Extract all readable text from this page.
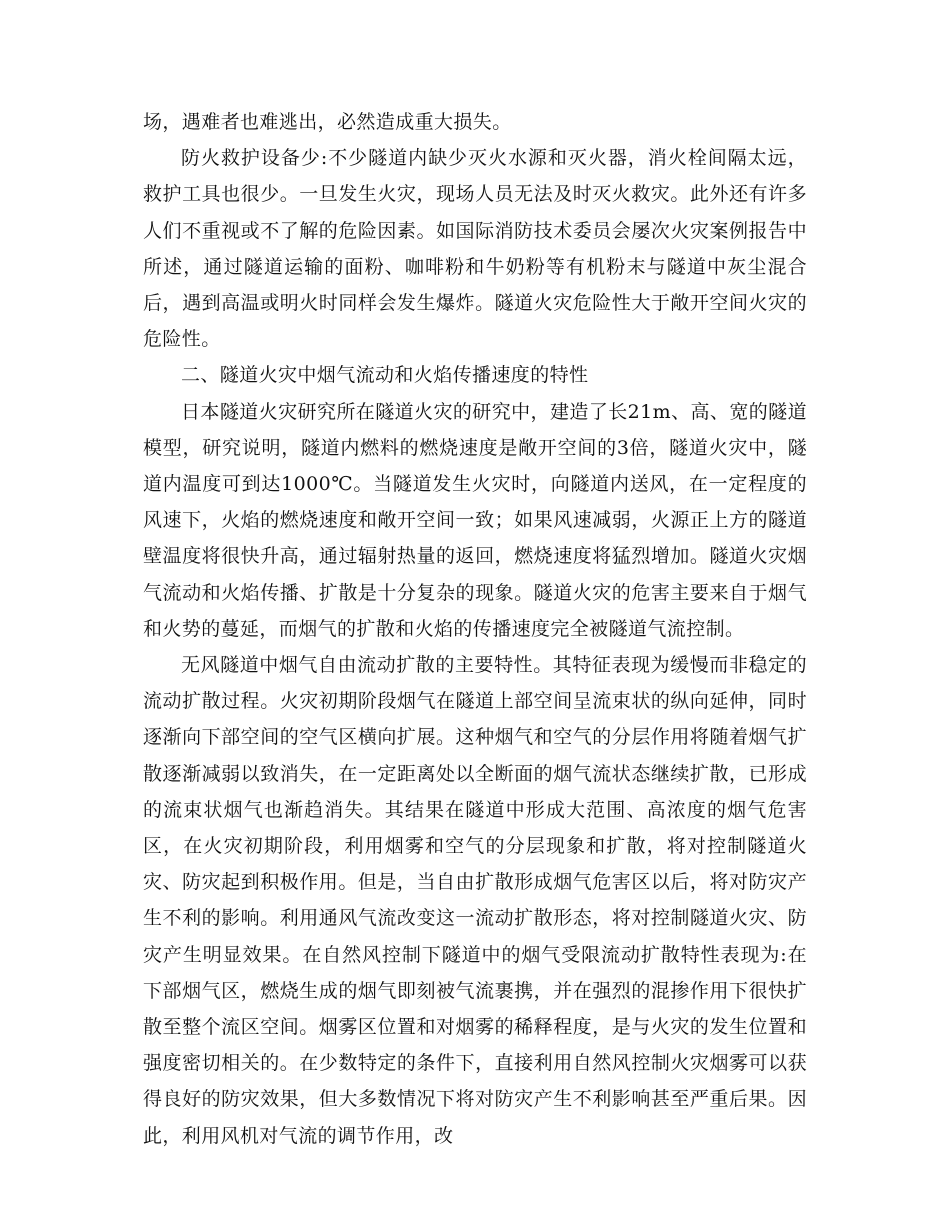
场，遇难者也难逃出，必然造成重大损失。

防火救护设备少:不少隧道内缺少灭火水源和灭火器，消火栓间隔太远，救护工具也很少。一旦发生火灾，现场人员无法及时灭火救灾。此外还有许多人们不重视或不了解的危险因素。如国际消防技术委员会屡次火灾案例报告中所述，通过隧道运输的面粉、咖啡粉和牛奶粉等有机粉末与隧道中灰尘混合后，遇到高温或明火时同样会发生爆炸。隧道火灾危险性大于敞开空间火灾的危险性。

二、隧道火灾中烟气流动和火焰传播速度的特性

日本隧道火灾研究所在隧道火灾的研究中，建造了长21m、高、宽的隧道模型，研究说明，隧道内燃料的燃烧速度是敞开空间的3倍，隧道火灾中，隧道内温度可到达1000℃。当隧道发生火灾时，向隧道内送风，在一定程度的风速下，火焰的燃烧速度和敞开空间一致；如果风速减弱，火源正上方的隧道壁温度将很快升高，通过辐射热量的返回，燃烧速度将猛烈增加。隧道火灾烟气流动和火焰传播、扩散是十分复杂的现象。隧道火灾的危害主要来自于烟气和火势的蔓延，而烟气的扩散和火焰的传播速度完全被隧道气流控制。

无风隧道中烟气自由流动扩散的主要特性。其特征表现为缓慢而非稳定的流动扩散过程。火灾初期阶段烟气在隧道上部空间呈流束状的纵向延伸，同时逐渐向下部空间的空气区横向扩展。这种烟气和空气的分层作用将随着烟气扩散逐渐减弱以致消失，在一定距离处以全断面的烟气流状态继续扩散，已形成的流束状烟气也渐趋消失。其结果在隧道中形成大范围、高浓度的烟气危害区，在火灾初期阶段，利用烟雾和空气的分层现象和扩散，将对控制隧道火灾、防灾起到积极作用。但是，当自由扩散形成烟气危害区以后，将对防灾产生不利的影响。利用通风气流改变这一流动扩散形态，将对控制隧道火灾、防灾产生明显效果。在自然风控制下隧道中的烟气受限流动扩散特性表现为:在下部烟气区，燃烧生成的烟气即刻被气流裹携，并在强烈的混掺作用下很快扩散至整个流区空间。烟雾区位置和对烟雾的稀释程度，是与火灾的发生位置和强度密切相关的。在少数特定的条件下，直接利用自然风控制火灾烟雾可以获得良好的防灾效果，但大多数情况下将对防灾产生不利影响甚至严重后果。因此，利用风机对气流的调节作用，改
